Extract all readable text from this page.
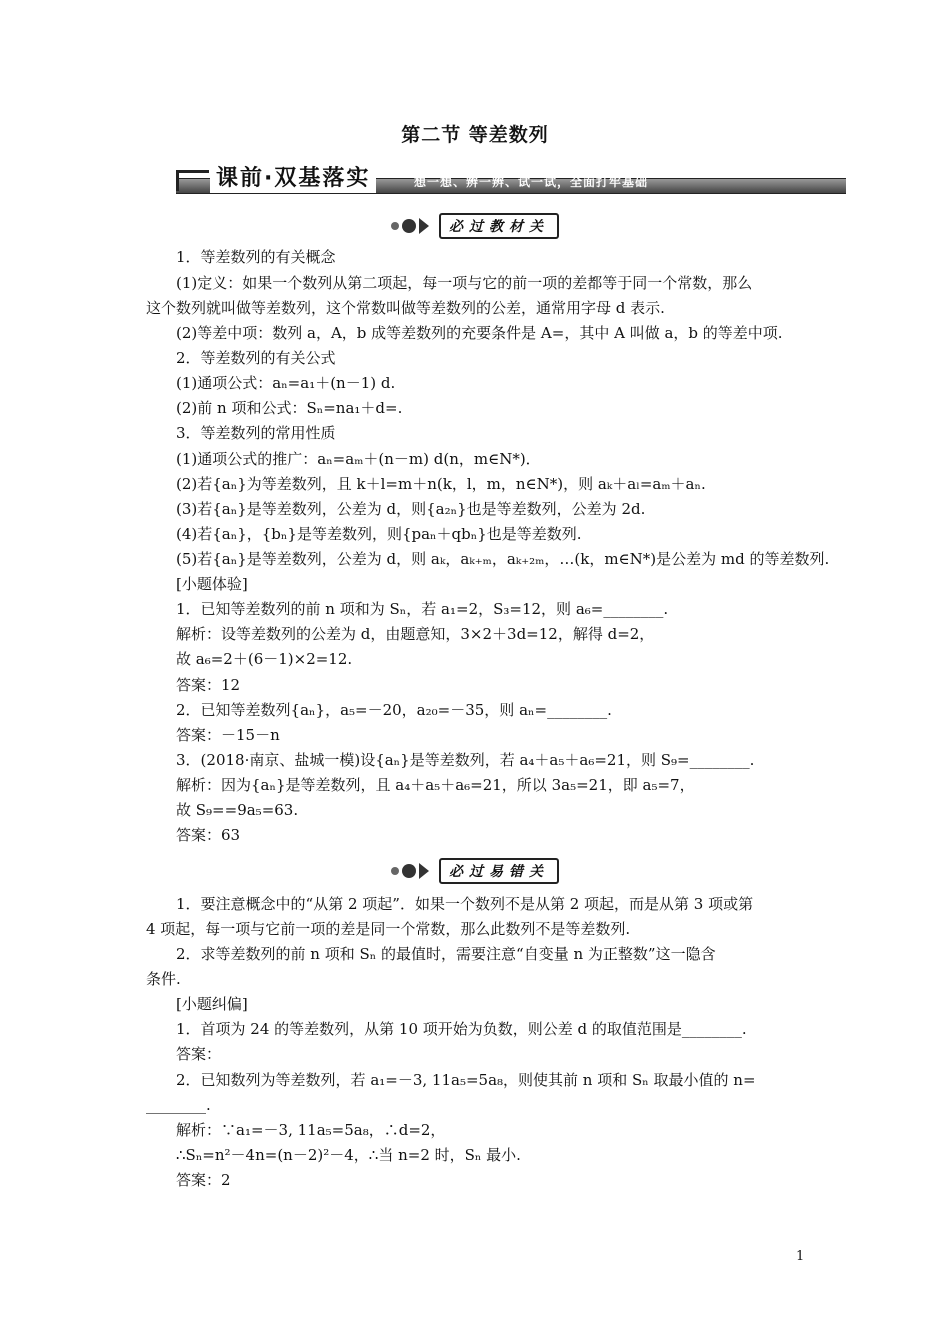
第二节 等差数列
课前·双基落实	想一想、辨一辨、试一试，全面打牢基础
必过教材关
1．等差数列的有关概念
(1)定义：如果一个数列从第二项起，每一项与它的前一项的差都等于同一个常数，那么
这个数列就叫做等差数列，这个常数叫做等差数列的公差，通常用字母 d 表示.
(2)等差中项：数列 a，A，b 成等差数列的充要条件是 A=，其中 A 叫做 a，b 的等差中项.
2．等差数列的有关公式
(1)通项公式：aₙ=a₁＋(n－1) d.
(2)前 n 项和公式：Sₙ=na₁＋d=.
3．等差数列的常用性质
(1)通项公式的推广：aₙ=aₘ＋(n－m) d(n，m∈N*)．
(2)若{aₙ}为等差数列，且 k＋l=m＋n(k，l，m，n∈N*)，则 aₖ＋aₗ=aₘ＋aₙ.
(3)若{aₙ}是等差数列，公差为 d，则{a₂ₙ}也是等差数列，公差为 2d.
(4)若{aₙ}，{bₙ}是等差数列，则{paₙ＋qbₙ}也是等差数列.
(5)若{aₙ}是等差数列，公差为 d，则 aₖ，aₖ₊ₘ，aₖ₊₂ₘ，…(k，m∈N*)是公差为 md 的等差数列.
[小题体验]
1．已知等差数列的前 n 项和为 Sₙ，若 a₁=2，S₃=12，则 a₆=________.
解析：设等差数列的公差为 d，由题意知，3×2＋3d=12，解得 d=2，
故 a₆=2＋(6－1)×2=12.
答案：12
2．已知等差数列{aₙ}，a₅=－20，a₂₀=－35，则 aₙ=________.
答案：－15－n
3．(2018·南京、盐城一模)设{aₙ}是等差数列，若 a₄＋a₅＋a₆=21，则 S₉=________.
解析：因为{aₙ}是等差数列，且 a₄＋a₅＋a₆=21，所以 3a₅=21，即 a₅=7，
故 S₉==9a₅=63.
答案：63
必过易错关
1．要注意概念中的“从第 2 项起”．如果一个数列不是从第 2 项起，而是从第 3 项或第
4 项起，每一项与它前一项的差是同一个常数，那么此数列不是等差数列.
2．求等差数列的前 n 项和 Sₙ 的最值时，需要注意“自变量 n 为正整数”这一隐含
条件.
[小题纠偏]
1．首项为 24 的等差数列，从第 10 项开始为负数，则公差 d 的取值范围是________.
答案：
2．已知数列为等差数列，若 a₁=－3, 11a₅=5a₈，则使其前 n 项和 Sₙ 取最小值的 n=
________.
解析：∵a₁=－3, 11a₅=5a₈，∴d=2，
∴Sₙ=n²－4n=(n－2)²－4，∴当 n=2 时，Sₙ 最小.
答案：2
1
